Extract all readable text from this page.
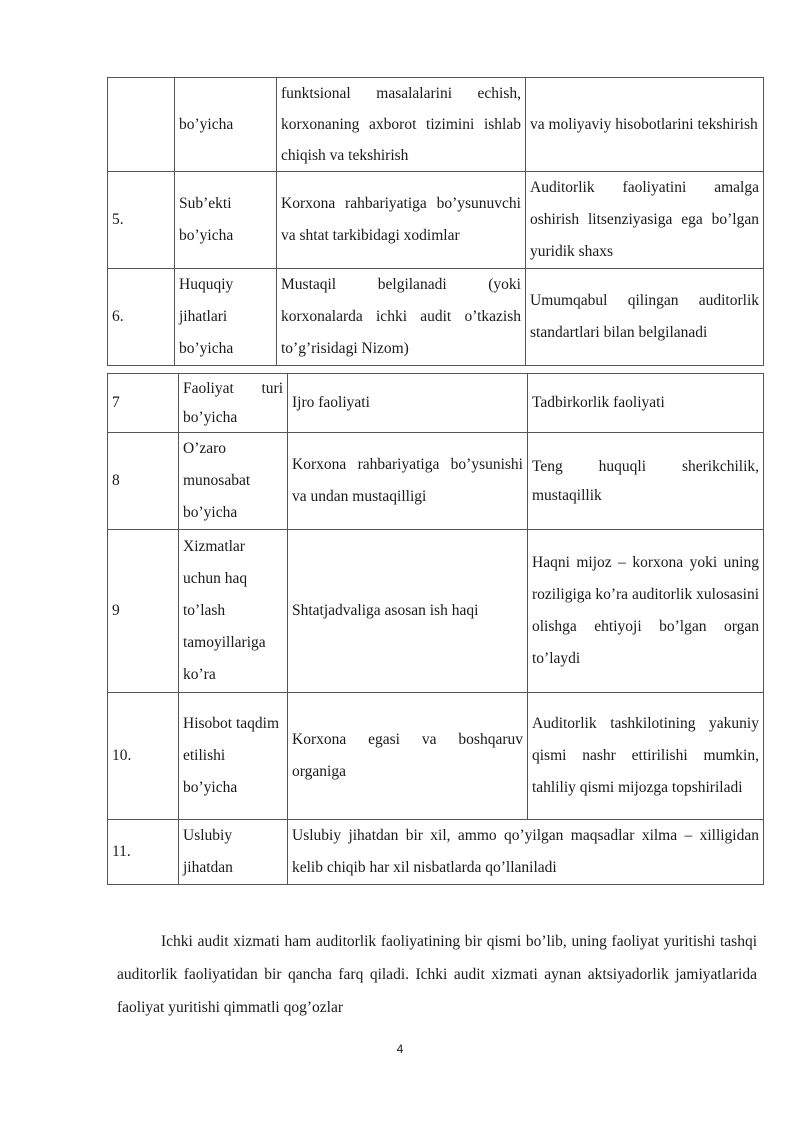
	bo’yicha	funktsional masalalarini echish, korxonaning axborot tizimini ishlab chiqish va tekshirish	va moliyaviy hisobotlarini tekshirish
5.	Sub’ekti bo’yicha	Korxona rahbariyatiga bo’ysunuvchi va shtat tarkibidagi xodimlar	Auditorlik faoliyatini amalga oshirish litsenziyasiga ega bo’lgan yuridik shaxs
6.	Huquqiy jihatlari bo’yicha	Mustaqil belgilanadi (yoki korxonalarda ichki audit o’tkazish to’g’risidagi Nizom)	Umumqabul qilingan auditorlik standartlari bilan belgilanadi
7	Faoliyat turi bo’yicha	Ijro faoliyati	Tadbirkorlik faoliyati
8	O’zaro munosabat bo’yicha	Korxona rahbariyatiga bo’ysunishi va undan mustaqilligi	Teng huquqli sherikchilik, mustaqillik
9	Xizmatlar uchun haq to’lash tamoyillariga ko’ra	Shtatjadvaliga asosan ish haqi	Haqni mijoz – korxona yoki uning roziligiga ko’ra auditorlik xulosasini olishga ehtiyoji bo’lgan organ to’laydi
10.	Hisobot taqdim etilishi bo’yicha	Korxona egasi va boshqaruv organiga	Auditorlik tashkilotining yakuniy qismi nashr ettirilishi mumkin, tahliliy qismi mijozga topshiriladi
11.	Uslubiy jihatdan	Uslubiy jihatdan bir xil, ammo qo’yilgan maqsadlar xilma – xilligidan kelib chiqib har xil nisbatlarda qo’llaniladi	
Ichki audit xizmati ham auditorlik faoliyatining bir qismi bo’lib, uning faoliyat yuritishi tashqi auditorlik faoliyatidan bir qancha farq qiladi. Ichki audit xizmati aynan aktsiyadorlik jamiyatlarida faoliyat yuritishi qimmatli qog’ozlar
4
